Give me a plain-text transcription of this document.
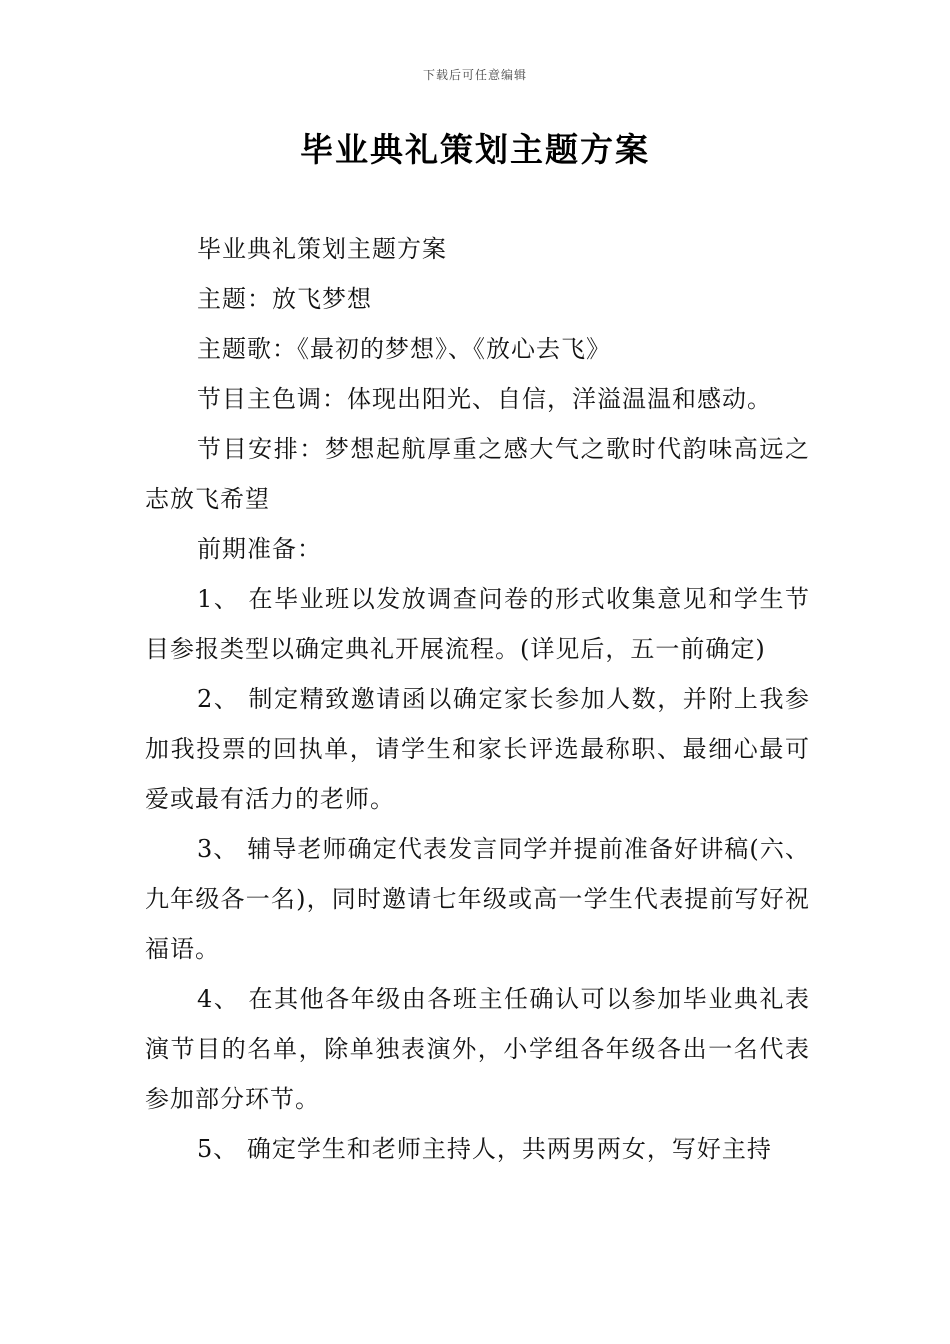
下载后可任意编辑
毕业典礼策划主题方案

毕业典礼策划主题方案

主题：放飞梦想

主题歌：《最初的梦想》、《放心去飞》

节目主色调：体现出阳光、自信，洋溢温温和感动。

节目安排：梦想起航厚重之感大气之歌时代韵味高远之志放飞希望

前期准备：

1、 在毕业班以发放调查问卷的形式收集意见和学生节目参报类型以确定典礼开展流程。(详见后，五一前确定)

2、 制定精致邀请函以确定家长参加人数，并附上我参加我投票的回执单，请学生和家长评选最称职、最细心最可爱或最有活力的老师。

3、 辅导老师确定代表发言同学并提前准备好讲稿(六、九年级各一名)，同时邀请七年级或高一学生代表提前写好祝福语。

4、 在其他各年级由各班主任确认可以参加毕业典礼表演节目的名单，除单独表演外，小学组各年级各出一名代表参加部分环节。

5、 确定学生和老师主持人，共两男两女，写好主持
